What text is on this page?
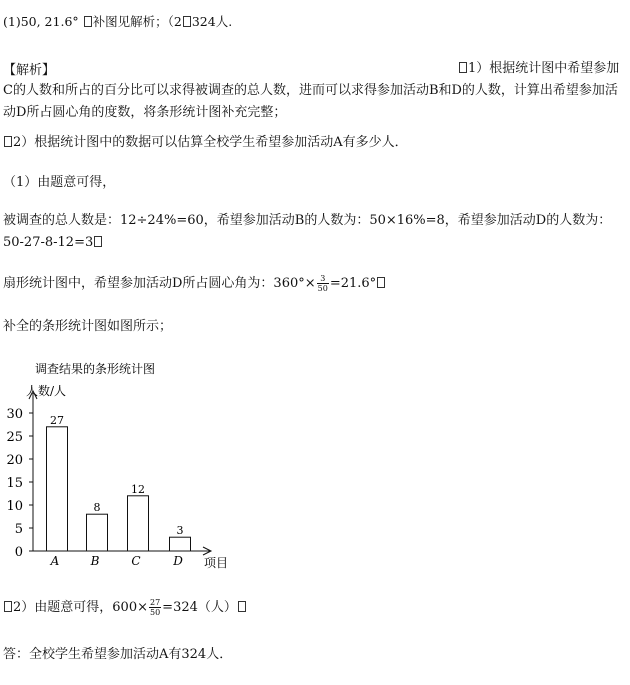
(1)50, 21.6° 补图见解析；（2 324人.
【解析】	1）根据统计图中希望参加C的人数和所占的百分比可以求得被调查的总人数，进而可以求得参加活动B和D的人数，计算出希望参加活动D所占圆心角的度数，将条形统计图补充完整；
2）根据统计图中的数据可以估算全校学生希望参加活动A有多少人．
（1）由题意可得，
被调查的总人数是：12÷24%=60，希望参加活动B的人数为：50×16%=8，希望参加活动D的人数为：50-27-8-12=3
扇形统计图中，希望参加活动D所占圆心角为：$360^\circ\times \frac{3}{50} =21.6^\circ$
补全的条形统计图如图所示；
调查结果的条形统计图
人数/人
项目
0
5
10
15
20
25
30 27
A
8
B
12
C
3
D
2）由题意可得，$600\times \frac{27}{50} =324$（人）
答：全校学生希望参加活动A有324人．
